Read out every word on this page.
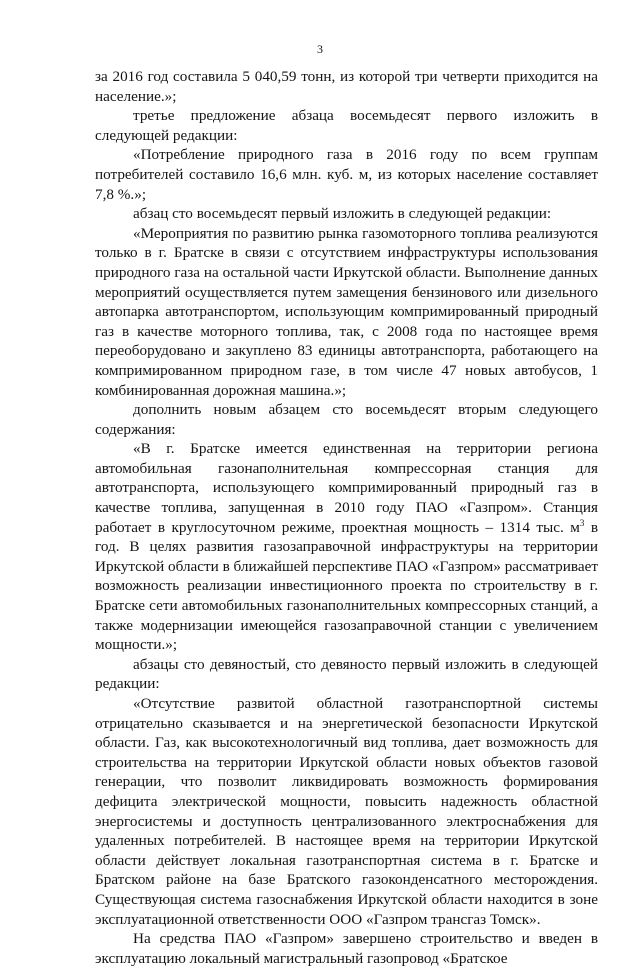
3

за 2016 год составила 5 040,59 тонн, из которой три четверти приходится на население.»;

третье предложение абзаца восемьдесят первого изложить в следующей редакции:

«Потребление природного газа в 2016 году по всем группам потребителей составило 16,6 млн. куб. м, из которых население составляет 7,8 %.»;

абзац сто восемьдесят первый изложить в следующей редакции:

«Мероприятия по развитию рынка газомоторного топлива реализуются только в г. Братске в связи с отсутствием инфраструктуры использования природного газа на остальной части Иркутской области. Выполнение данных мероприятий осуществляется путем замещения бензинового или дизельного автопарка автотранспортом, использующим компримированный природный газ в качестве моторного топлива, так, с 2008 года по настоящее время переоборудовано и закуплено 83 единицы автотранспорта, работающего на компримированном природном газе, в том числе 47 новых автобусов, 1 комбинированная дорожная машина.»;

дополнить новым абзацем сто восемьдесят вторым следующего содержания:

«В г. Братске имеется единственная на территории региона автомобильная газонаполнительная компрессорная станция для автотранспорта, использующего компримированный природный газ в качестве топлива, запущенная в 2010 году ПАО «Газпром». Станция работает в круглосуточном режиме, проектная мощность – 1314 тыс. $м^3$ в год. В целях развития газозаправочной инфраструктуры на территории Иркутской области в ближайшей перспективе ПАО «Газпром» рассматривает возможность реализации инвестиционного проекта по строительству в г. Братске сети автомобильных газонаполнительных компрессорных станций, а также модернизации имеющейся газозаправочной станции с увеличением мощности.»;

абзацы сто девяностый, сто девяносто первый изложить в следующей редакции:

«Отсутствие развитой областной газотранспортной системы отрицательно сказывается и на энергетической безопасности Иркутской области. Газ, как высокотехнологичный вид топлива, дает возможность для строительства на территории Иркутской области новых объектов газовой генерации, что позволит ликвидировать возможность формирования дефицита электрической мощности, повысить надежность областной энергосистемы и доступность централизованного электроснабжения для удаленных потребителей. В настоящее время на территории Иркутской области действует локальная газотранспортная система в г. Братске и Братском районе на базе Братского газоконденсатного месторождения. Существующая система газоснабжения Иркутской области находится в зоне эксплуатационной ответственности ООО «Газпром трансгаз Томск».

На средства ПАО «Газпром» завершено строительство и введен в эксплуатацию локальный магистральный газопровод «Братское
